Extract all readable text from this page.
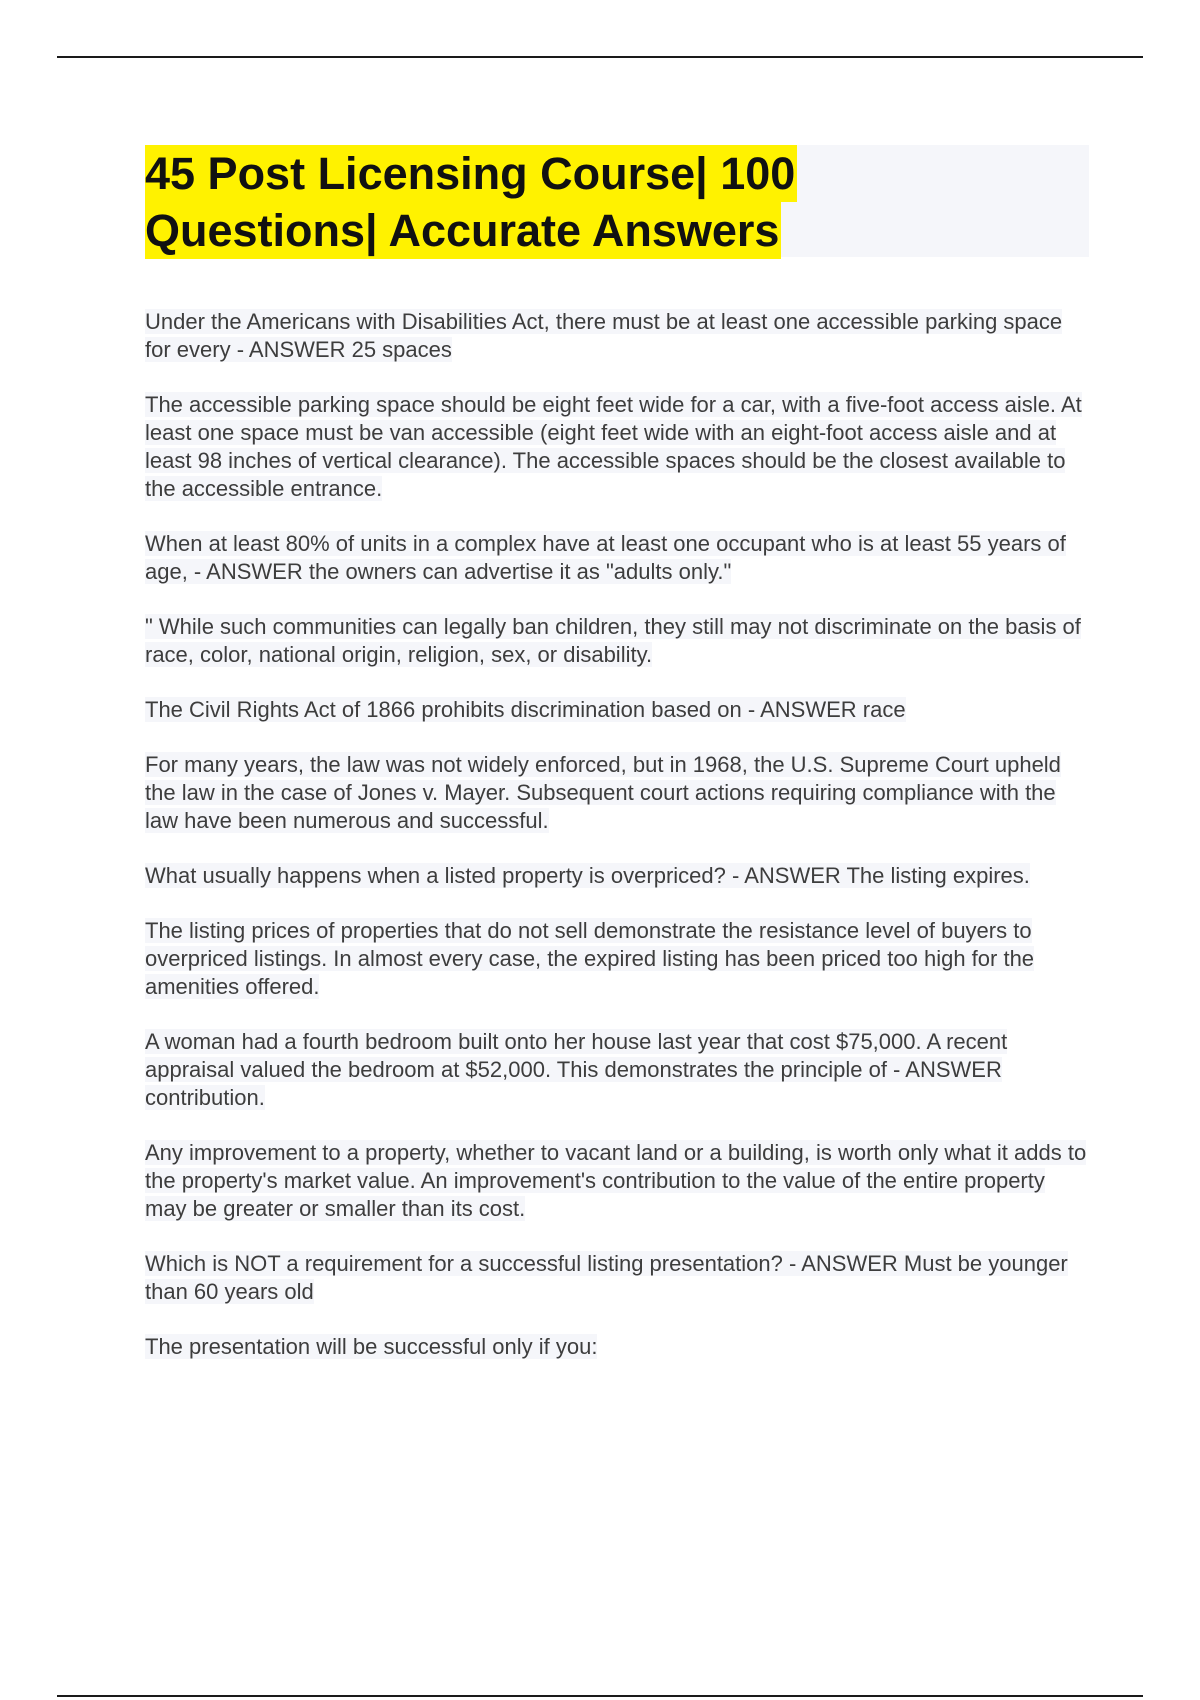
45 Post Licensing Course| 100
Questions| Accurate Answers

Under the Americans with Disabilities Act, there must be at least one accessible parking space for every - ANSWER 25 spaces

The accessible parking space should be eight feet wide for a car, with a five-foot access aisle. At least one space must be van accessible (eight feet wide with an eight-foot access aisle and at least 98 inches of vertical clearance). The accessible spaces should be the closest available to the accessible entrance.

When at least 80% of units in a complex have at least one occupant who is at least 55 years of age, - ANSWER the owners can advertise it as "adults only."

" While such communities can legally ban children, they still may not discriminate on the basis of race, color, national origin, religion, sex, or disability.

The Civil Rights Act of 1866 prohibits discrimination based on - ANSWER race

For many years, the law was not widely enforced, but in 1968, the U.S. Supreme Court upheld the law in the case of Jones v. Mayer. Subsequent court actions requiring compliance with the law have been numerous and successful.

What usually happens when a listed property is overpriced? - ANSWER The listing expires.

The listing prices of properties that do not sell demonstrate the resistance level of buyers to overpriced listings. In almost every case, the expired listing has been priced too high for the amenities offered.

A woman had a fourth bedroom built onto her house last year that cost $75,000. A recent appraisal valued the bedroom at $52,000. This demonstrates the principle of - ANSWER contribution.

Any improvement to a property, whether to vacant land or a building, is worth only what it adds to the property's market value. An improvement's contribution to the value of the entire property may be greater or smaller than its cost.

Which is NOT a requirement for a successful listing presentation? - ANSWER Must be younger than 60 years old

The presentation will be successful only if you:
